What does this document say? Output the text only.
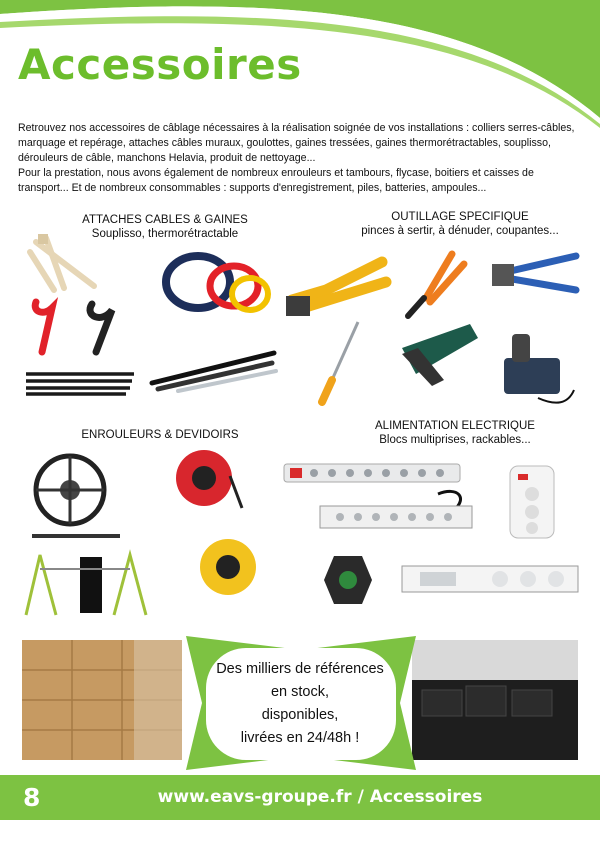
Accessoires

Retrouvez nos accessoires de câblage nécessaires à la réalisation soignée de vos installations : colliers serres-câbles,

marquage et repérage, attaches câbles muraux, goulottes, gaines tressées, gaines thermorétractables, souplisso,

dérouleurs de câble, manchons Helavia, produit de nettoyage...

Pour la prestation, nous avons également de nombreux enrouleurs et tambours, flycase, boitiers et caisses de

transport... Et de nombreux consommables : supports d'enregistrement, piles, batteries, ampoules...

ATTACHES CABLES & GAINES
Souplisso, thermorétractable
OUTILLAGE SPECIFIQUE
pinces à sertir, à dénuder, coupantes...
ENROULEURS & DEVIDOIRS
ALIMENTATION ELECTRIQUE
Blocs multiprises, rackables...
Des milliers de références
en stock,
disponibles,
livrées en 24/48h !
8	www.eavs-groupe.fr / Accessoires
